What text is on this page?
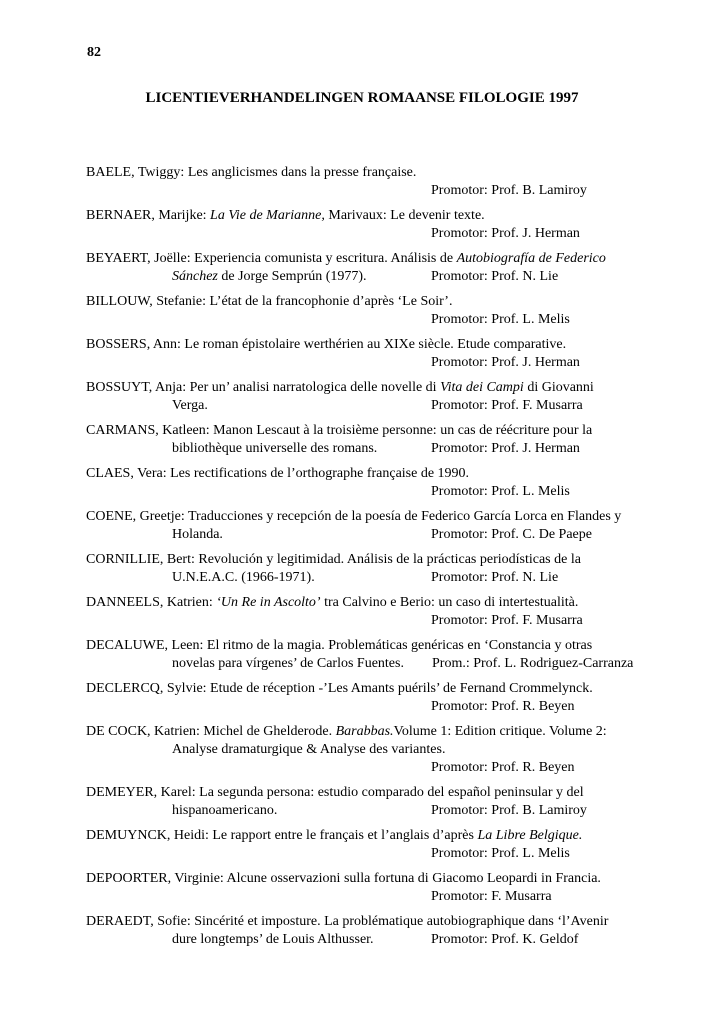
82
LICENTIEVERHANDELINGEN ROMAANSE FILOLOGIE 1997
BAELE, Twiggy: Les anglicismes dans la presse française.
Promotor: Prof. B. Lamiroy
BERNAER, Marijke: La Vie de Marianne, Marivaux: Le devenir texte.
Promotor: Prof. J. Herman
BEYAERT, Joëlle: Experiencia comunista y escritura. Análisis de Autobiografía de Federico
Sánchez de Jorge Semprún (1977).	Promotor: Prof. N. Lie
BILLOUW, Stefanie: L’état de la francophonie d’après ‘Le Soir’.
Promotor: Prof. L. Melis
BOSSERS, Ann: Le roman épistolaire werthérien au XIXe siècle. Etude comparative.
Promotor: Prof. J. Herman
BOSSUYT, Anja: Per un’ analisi narratologica delle novelle di Vita dei Campi di Giovanni
Verga.	Promotor: Prof. F. Musarra
CARMANS, Katleen: Manon Lescaut à la troisième personne: un cas de réécriture pour la
bibliothèque universelle des romans.	Promotor: Prof. J. Herman
CLAES, Vera: Les rectifications de l’orthographe française de 1990.
Promotor: Prof. L. Melis
COENE, Greetje: Traducciones y recepción de la poesía de Federico García Lorca en Flandes y
Holanda.	Promotor: Prof. C. De Paepe
CORNILLIE, Bert: Revolución y legitimidad. Análisis de la prácticas periodísticas de la
U.N.E.A.C. (1966-1971).	Promotor: Prof. N. Lie
DANNEELS, Katrien: ‘Un Re in Ascolto’ tra Calvino e Berio: un caso di intertestualità.
Promotor: Prof. F. Musarra
DECALUWE, Leen: El ritmo de la magia. Problemáticas genéricas en ‘Constancia y otras
novelas para vírgenes’ de Carlos Fuentes. Prom.: Prof. L. Rodriguez-Carranza
DECLERCQ, Sylvie: Etude de réception -’Les Amants puérils’ de Fernand Crommelynck.
Promotor: Prof. R. Beyen
DE COCK, Katrien: Michel de Ghelderode. Barabbas.Volume 1: Edition critique. Volume 2:
Analyse dramaturgique & Analyse des variantes.
Promotor: Prof. R. Beyen
DEMEYER, Karel: La segunda persona: estudio comparado del español peninsular y del
hispanoamericano.	Promotor: Prof. B. Lamiroy
DEMUYNCK, Heidi: Le rapport entre le français et l’anglais d’après La Libre Belgique.
Promotor: Prof. L. Melis
DEPOORTER, Virginie: Alcune osservazioni sulla fortuna di Giacomo Leopardi in Francia.
Promotor: F. Musarra
DERAEDT, Sofie: Sincérité et imposture. La problématique autobiographique dans ‘l’Avenir
dure longtemps’ de Louis Althusser.	Promotor: Prof. K. Geldof
